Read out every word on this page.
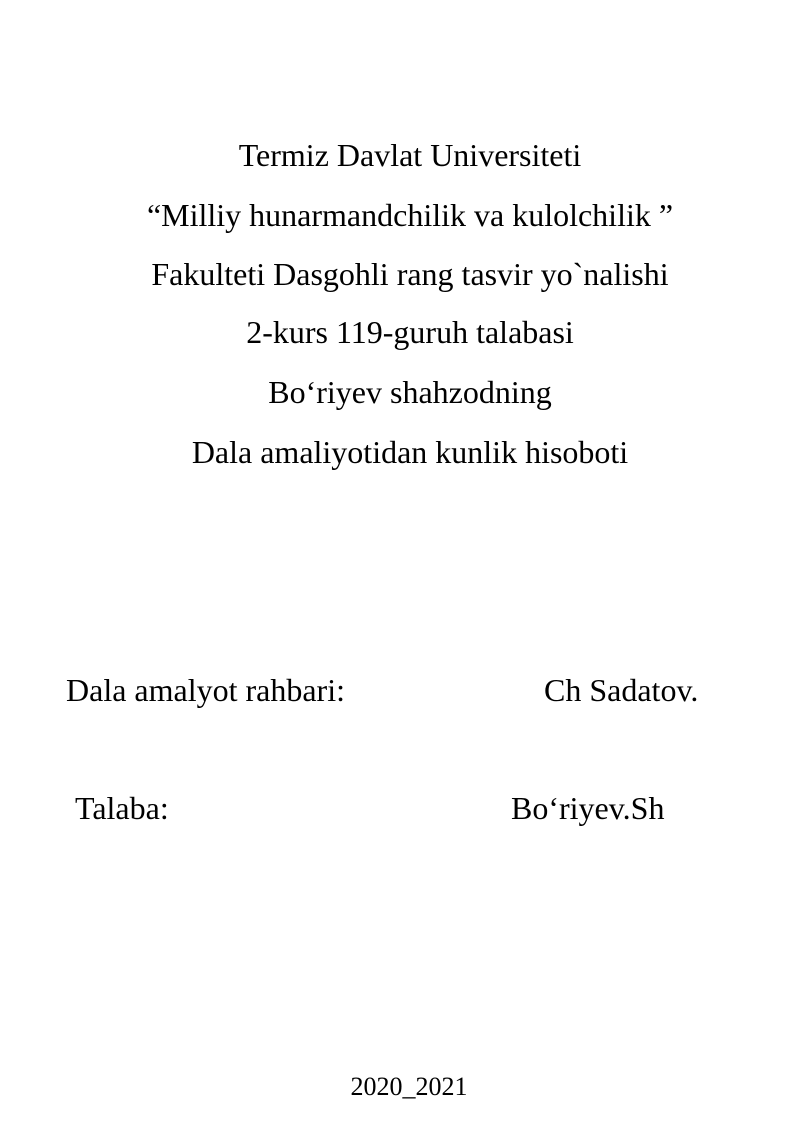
Termiz Davlat Universiteti
“Milliy hunarmandchilik va kulolchilik ”
Fakulteti Dasgohli rang tasvir yo`nalishi
2-kurs 119-guruh talabasi
Bo‘riyev shahzodning
Dala amaliyotidan kunlik hisoboti
Dala amalyot rahbari:	Ch Sadatov.
Talaba:	Bo‘riyev.Sh
2020_2021
